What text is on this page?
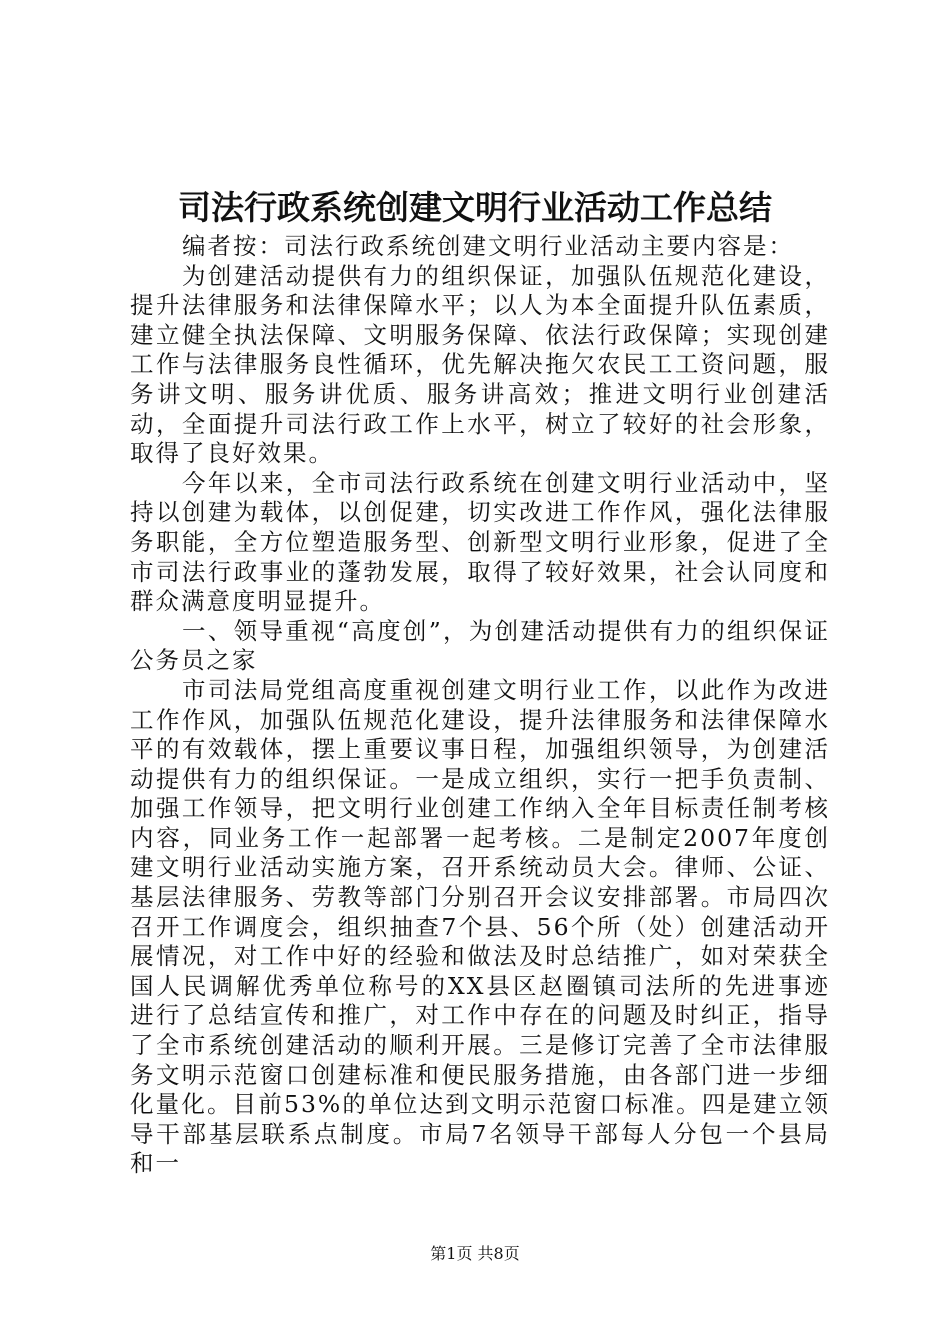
司法行政系统创建文明行业活动工作总结

编者按：司法行政系统创建文明行业活动主要内容是：

为创建活动提供有力的组织保证，加强队伍规范化建设，提升法律服务和法律保障水平；以人为本全面提升队伍素质，建立健全执法保障、文明服务保障、依法行政保障；实现创建工作与法律服务良性循环，优先解决拖欠农民工工资问题，服务讲文明、服务讲优质、服务讲高效；推进文明行业创建活动，全面提升司法行政工作上水平，树立了较好的社会形象，取得了良好效果。

今年以来，全市司法行政系统在创建文明行业活动中，坚持以创建为载体，以创促建，切实改进工作作风，强化法律服务职能，全方位塑造服务型、创新型文明行业形象，促进了全市司法行政事业的蓬勃发展，取得了较好效果，社会认同度和群众满意度明显提升。

一、领导重视“高度创”，为创建活动提供有力的组织保证公务员之家

市司法局党组高度重视创建文明行业工作，以此作为改进工作作风，加强队伍规范化建设，提升法律服务和法律保障水平的有效载体，摆上重要议事日程，加强组织领导，为创建活动提供有力的组织保证。一是成立组织，实行一把手负责制、加强工作领导，把文明行业创建工作纳入全年目标责任制考核内容，同业务工作一起部署一起考核。二是制定2007年度创建文明行业活动实施方案，召开系统动员大会。律师、公证、基层法律服务、劳教等部门分别召开会议安排部署。市局四次召开工作调度会，组织抽查7个县、56个所（处）创建活动开展情况，对工作中好的经验和做法及时总结推广，如对荣获全国人民调解优秀单位称号的XX县区赵圈镇司法所的先进事迹进行了总结宣传和推广，对工作中存在的问题及时纠正，指导了全市系统创建活动的顺利开展。三是修订完善了全市法律服务文明示范窗口创建标准和便民服务措施，由各部门进一步细化量化。目前53%的单位达到文明示范窗口标准。四是建立领导干部基层联系点制度。市局7名领导干部每人分包一个县局和一

第1页 共8页
